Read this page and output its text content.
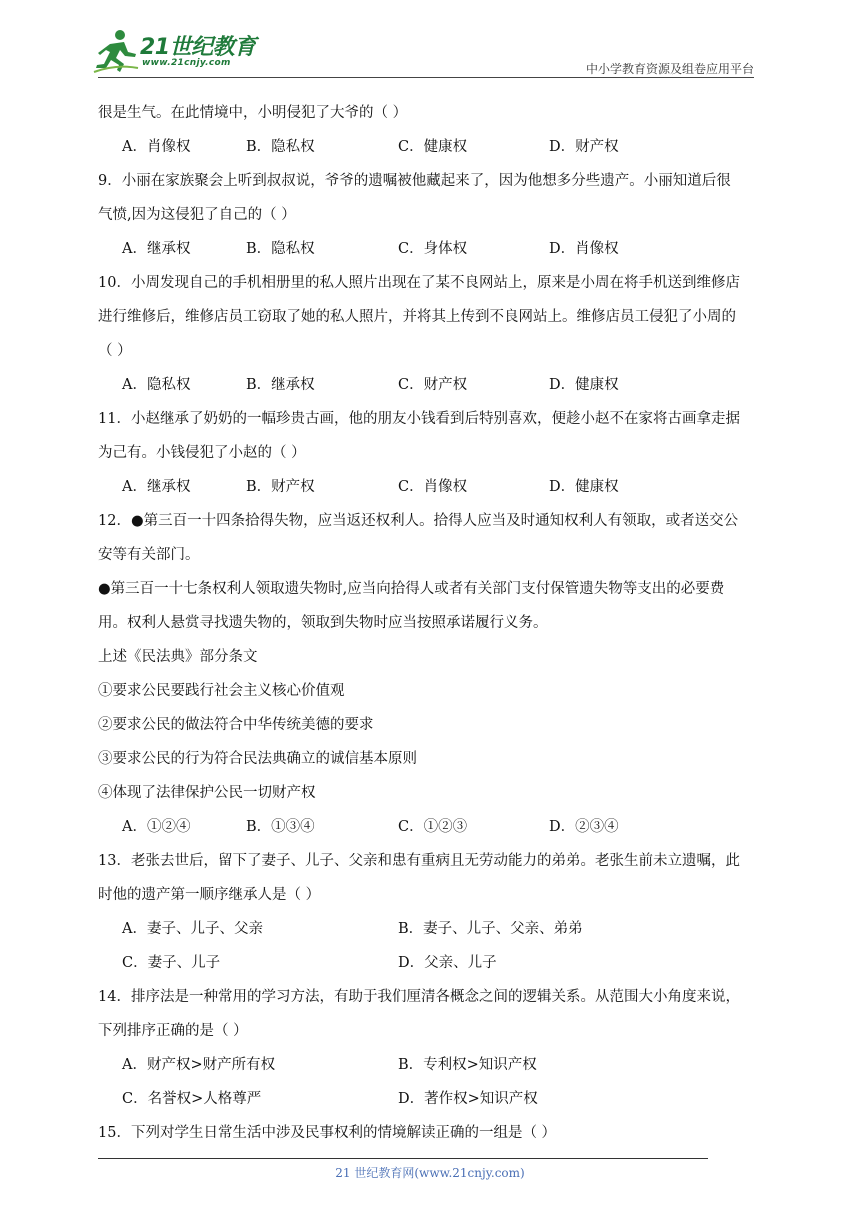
21世纪教育
www.21cnjy.com	中小学教育资源及组卷应用平台
很是生气。在此情境中，小明侵犯了大爷的（ ）
A．肖像权	B．隐私权	C．健康权	D．财产权
9．小丽在家族聚会上听到叔叔说，爷爷的遗嘱被他藏起来了，因为他想多分些遗产。小丽知道后很
气愤,因为这侵犯了自己的（ ）
A．继承权	B．隐私权	C．身体权	D．肖像权
10．小周发现自己的手机相册里的私人照片出现在了某不良网站上，原来是小周在将手机送到维修店
进行维修后，维修店员工窃取了她的私人照片，并将其上传到不良网站上。维修店员工侵犯了小周的
（ ）
A．隐私权	B．继承权	C．财产权	D．健康权
11．小赵继承了奶奶的一幅珍贵古画，他的朋友小钱看到后特别喜欢，便趁小赵不在家将古画拿走据
为己有。小钱侵犯了小赵的（ ）
A．继承权	B．财产权	C．肖像权	D．健康权
12．●第三百一十四条拾得失物，应当返还权利人。拾得人应当及时通知权利人有领取，或者送交公
安等有关部门。
●第三百一十七条权利人领取遗失物时,应当向拾得人或者有关部门支付保管遗失物等支出的必要费
用。权利人悬赏寻找遗失物的，领取到失物时应当按照承诺履行义务。
上述《民法典》部分条文
①要求公民要践行社会主义核心价值观
②要求公民的做法符合中华传统美德的要求
③要求公民的行为符合民法典确立的诚信基本原则
④体现了法律保护公民一切财产权
A．①②④	B．①③④	C．①②③	D．②③④
13．老张去世后，留下了妻子、儿子、父亲和患有重病且无劳动能力的弟弟。老张生前未立遗嘱，此
时他的遗产第一顺序继承人是（ ）
A．妻子、儿子、父亲	B．妻子、儿子、父亲、弟弟
C．妻子、儿子	D．父亲、儿子
14．排序法是一种常用的学习方法，有助于我们厘清各概念之间的逻辑关系。从范围大小角度来说，
下列排序正确的是（ ）
A．财产权>财产所有权	B．专利权>知识产权
C．名誉权>人格尊严	D．著作权>知识产权
15．下列对学生日常生活中涉及民事权利的情境解读正确的一组是（ ）
21 世纪教育网(www.21cnjy.com)
